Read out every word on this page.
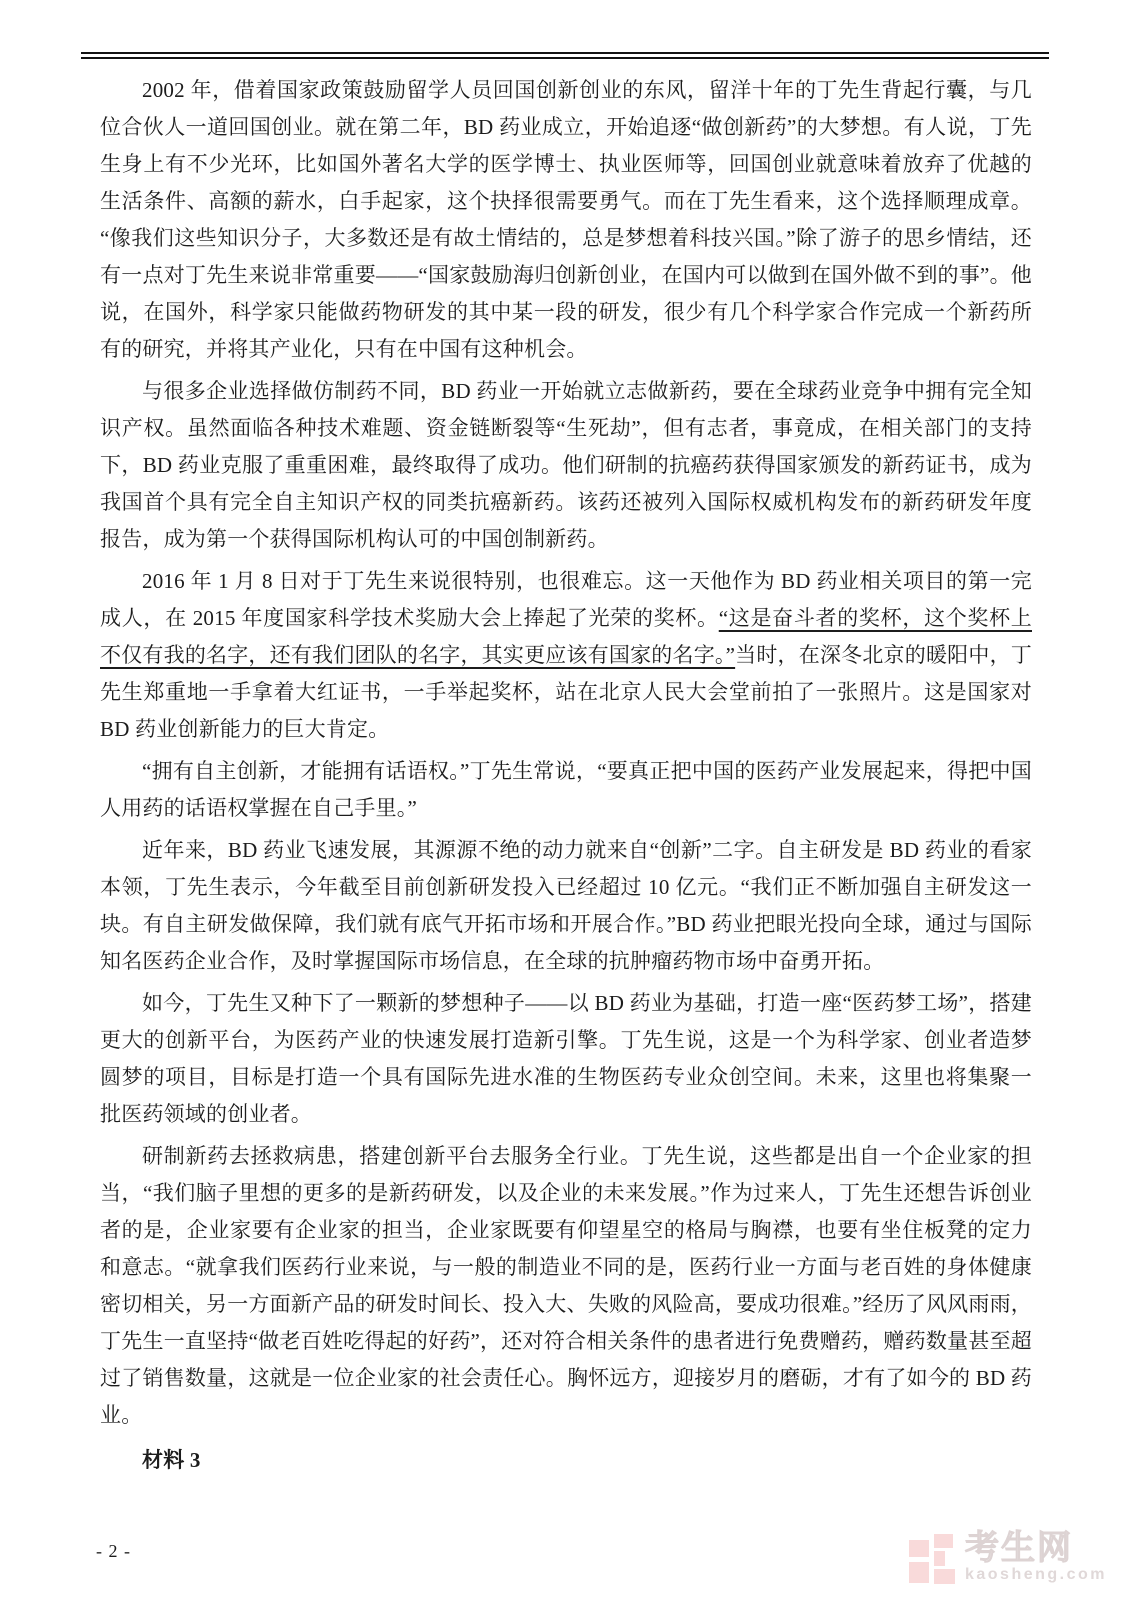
2002 年，借着国家政策鼓励留学人员回国创新创业的东风，留洋十年的丁先生背起行囊，与几位合伙人一道回国创业。就在第二年，BD 药业成立，开始追逐“做创新药”的大梦想。有人说，丁先生身上有不少光环，比如国外著名大学的医学博士、执业医师等，回国创业就意味着放弃了优越的生活条件、高额的薪水，白手起家，这个抉择很需要勇气。而在丁先生看来，这个选择顺理成章。“像我们这些知识分子，大多数还是有故土情结的，总是梦想着科技兴国。”除了游子的思乡情结，还有一点对丁先生来说非常重要——“国家鼓励海归创新创业，在国内可以做到在国外做不到的事”。他说，在国外，科学家只能做药物研发的其中某一段的研发，很少有几个科学家合作完成一个新药所有的研究，并将其产业化，只有在中国有这种机会。

与很多企业选择做仿制药不同，BD 药业一开始就立志做新药，要在全球药业竞争中拥有完全知识产权。虽然面临各种技术难题、资金链断裂等“生死劫”，但有志者，事竟成，在相关部门的支持下，BD 药业克服了重重困难，最终取得了成功。他们研制的抗癌药获得国家颁发的新药证书，成为我国首个具有完全自主知识产权的同类抗癌新药。该药还被列入国际权威机构发布的新药研发年度报告，成为第一个获得国际机构认可的中国创制新药。

2016 年 1 月 8 日对于丁先生来说很特别，也很难忘。这一天他作为 BD 药业相关项目的第一完成人，在 2015 年度国家科学技术奖励大会上捧起了光荣的奖杯。“这是奋斗者的奖杯，这个奖杯上不仅有我的名字，还有我们团队的名字，其实更应该有国家的名字。”当时，在深冬北京的暖阳中，丁先生郑重地一手拿着大红证书，一手举起奖杯，站在北京人民大会堂前拍了一张照片。这是国家对 BD 药业创新能力的巨大肯定。

“拥有自主创新，才能拥有话语权。”丁先生常说，“要真正把中国的医药产业发展起来，得把中国人用药的话语权掌握在自己手里。”

近年来，BD 药业飞速发展，其源源不绝的动力就来自“创新”二字。自主研发是 BD 药业的看家本领，丁先生表示，今年截至目前创新研发投入已经超过 10 亿元。“我们正不断加强自主研发这一块。有自主研发做保障，我们就有底气开拓市场和开展合作。”BD 药业把眼光投向全球，通过与国际知名医药企业合作，及时掌握国际市场信息，在全球的抗肿瘤药物市场中奋勇开拓。

如今，丁先生又种下了一颗新的梦想种子——以 BD 药业为基础，打造一座“医药梦工场”，搭建更大的创新平台，为医药产业的快速发展打造新引擎。丁先生说，这是一个为科学家、创业者造梦圆梦的项目，目标是打造一个具有国际先进水准的生物医药专业众创空间。未来，这里也将集聚一批医药领域的创业者。

研制新药去拯救病患，搭建创新平台去服务全行业。丁先生说，这些都是出自一个企业家的担当，“我们脑子里想的更多的是新药研发，以及企业的未来发展。”作为过来人，丁先生还想告诉创业者的是，企业家要有企业家的担当，企业家既要有仰望星空的格局与胸襟，也要有坐住板凳的定力和意志。“就拿我们医药行业来说，与一般的制造业不同的是，医药行业一方面与老百姓的身体健康密切相关，另一方面新产品的研发时间长、投入大、失败的风险高，要成功很难。”经历了风风雨雨，丁先生一直坚持“做老百姓吃得起的好药”，还对符合相关条件的患者进行免费赠药，赠药数量甚至超过了销售数量，这就是一位企业家的社会责任心。胸怀远方，迎接岁月的磨砺，才有了如今的 BD 药业。

材料 3

- 2 -	考生网
kaosheng.com
